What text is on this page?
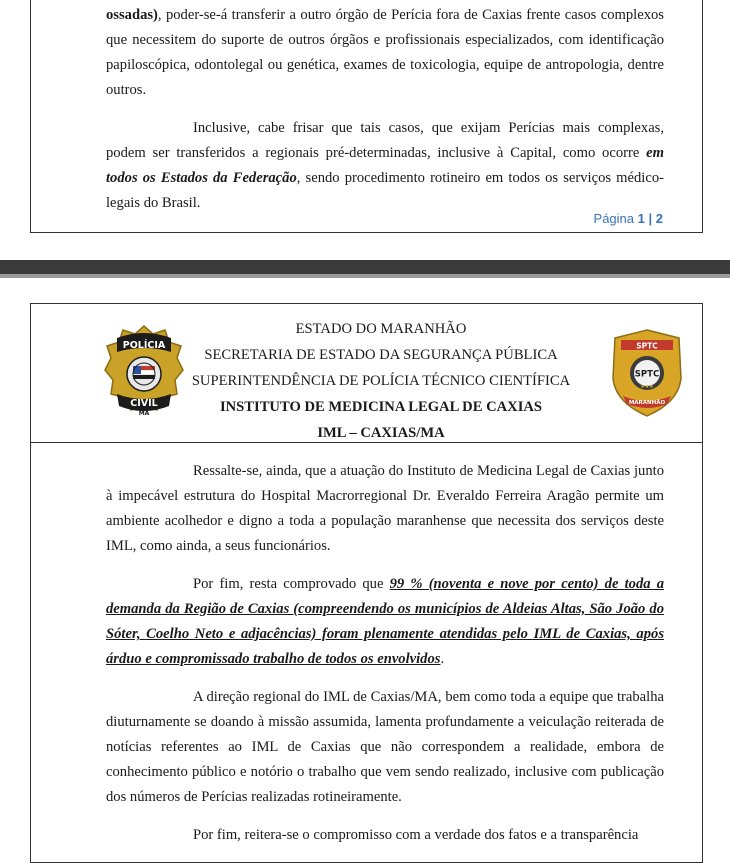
ossadas), poder-se-á transferir a outro órgão de Perícia fora de Caxias frente casos complexos que necessitem do suporte de outros órgãos e profissionais especializados, com identificação papiloscópica, odontolegal ou genética, exames de toxicologia, equipe de antropologia, dentre outros.

Inclusive, cabe frisar que tais casos, que exijam Perícias mais complexas, podem ser transferidos a regionais pré-determinadas, inclusive à Capital, como ocorre em todos os Estados da Federação, sendo procedimento rotineiro em todos os serviços médico-legais do Brasil.

Página 1 | 2
POLÍCIA
CIVIL
MA
ESTADO DO MARANHÃO
SECRETARIA DE ESTADO DA SEGURANÇA PÚBLICA
SUPERINTENDÊNCIA DE POLÍCIA TÉCNICO CIENTÍFICA
INSTITUTO DE MEDICINA LEGAL DE CAXIAS
IML – CAXIAS/MA
SPTC
SPTC
★★★
MARANHÃO

Ressalte-se, ainda, que a atuação do Instituto de Medicina Legal de Caxias junto à impecável estrutura do Hospital Macrorregional Dr. Everaldo Ferreira Aragão permite um ambiente acolhedor e digno a toda a população maranhense que necessita dos serviços deste IML, como ainda, a seus funcionários.

Por fim, resta comprovado que 99 % (noventa e nove por cento) de toda a demanda da Região de Caxias (compreendendo os municípios de Aldeias Altas, São João do Sóter, Coelho Neto e adjacências) foram plenamente atendidas pelo IML de Caxias, após árduo e compromissado trabalho de todos os envolvidos.

A direção regional do IML de Caxias/MA, bem como toda a equipe que trabalha diuturnamente se doando à missão assumida, lamenta profundamente a veiculação reiterada de notícias referentes ao IML de Caxias que não correspondem a realidade, embora de conhecimento público e notório o trabalho que vem sendo realizado, inclusive com publicação dos números de Perícias realizadas rotineiramente.

Por fim, reitera-se o compromisso com a verdade dos fatos e a transparência
